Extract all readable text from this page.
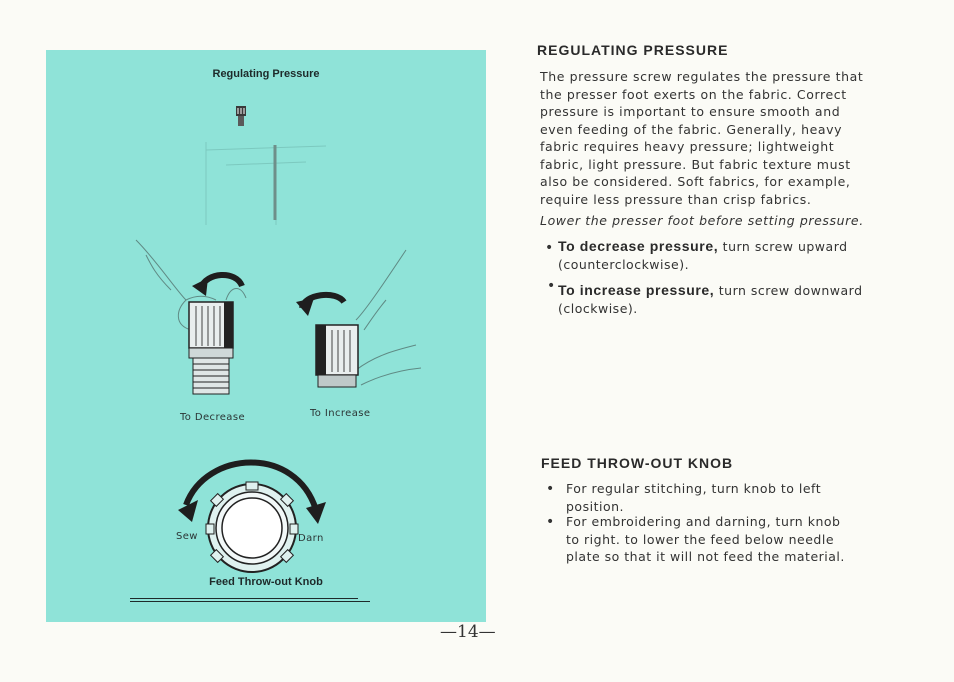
Regulating Pressure
To Decrease	To Increase
Sew	Darn
Feed Throw-out Knob
REGULATING PRESSURE
The pressure screw regulates the pressure that
the presser foot exerts on the fabric. Correct
pressure is important to ensure smooth and
even feeding of the fabric. Generally, heavy
fabric requires heavy pressure; lightweight
fabric, light pressure. But fabric texture must
also be considered. Soft fabrics, for example,
require less pressure than crisp fabrics.
Lower the presser foot before setting pressure.
• To decrease pressure, turn screw upward
(counterclockwise).
• To increase pressure, turn screw downward
(clockwise).
FEED THROW-OUT KNOB
• For regular stitching, turn knob to left
position.
• For embroidering and darning, turn knob
to right. to lower the feed below needle
plate so that it will not feed the material.
—14—
